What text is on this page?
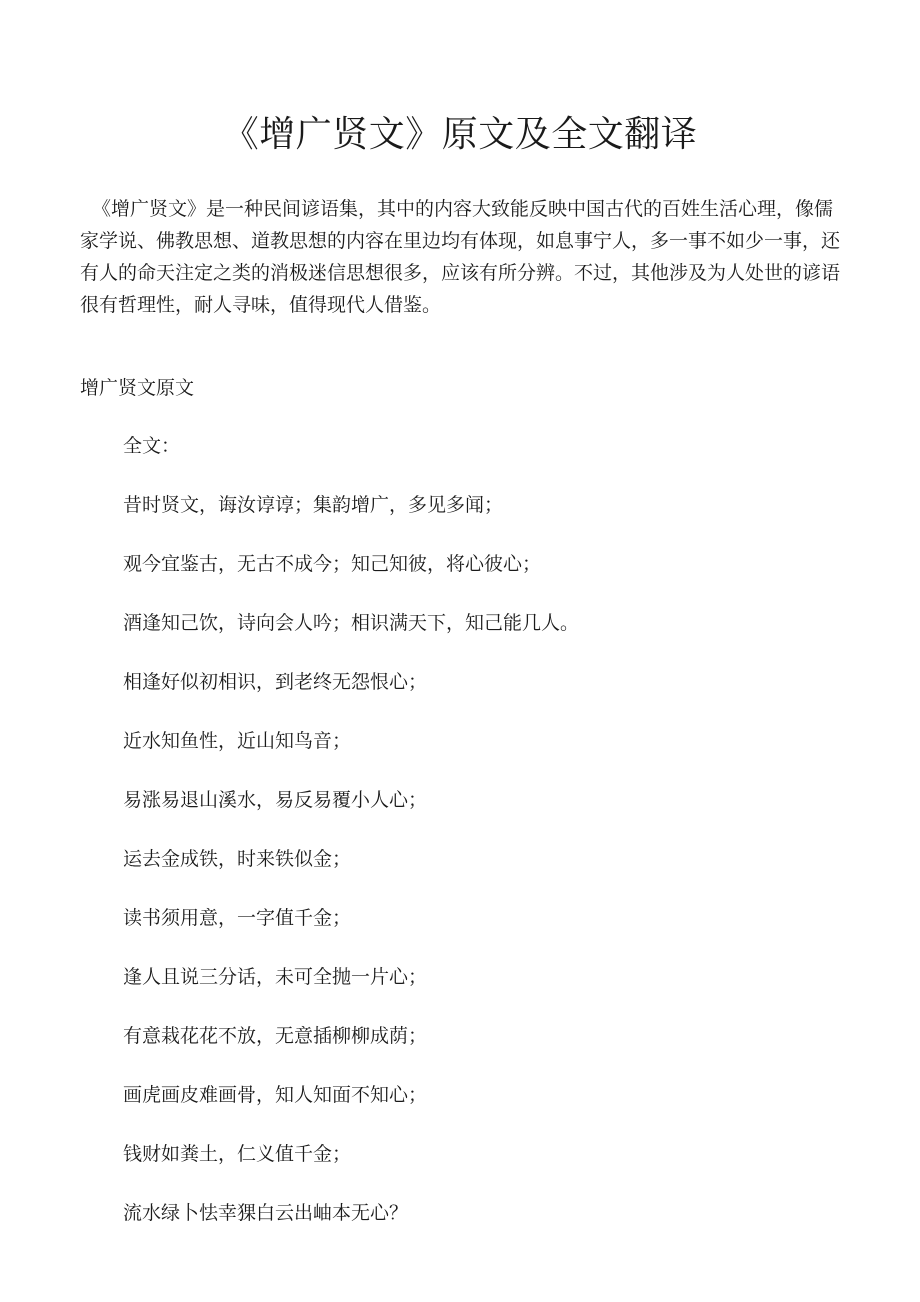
《增广贤文》原文及全文翻译

《增广贤文》是一种民间谚语集，其中的内容大致能反映中国古代的百姓生活心理，像儒家学说、佛教思想、道教思想的内容在里边均有体现，如息事宁人，多一事不如少一事，还有人的命天注定之类的消极迷信思想很多，应该有所分辨。不过，其他涉及为人处世的谚语很有哲理性，耐人寻味，值得现代人借鉴。

增广贤文原文
全文：
昔时贤文，诲汝谆谆；集韵增广，多见多闻；
观今宜鉴古，无古不成今；知己知彼，将心彼心；
酒逢知己饮，诗向会人吟；相识满天下，知己能几人。
相逢好似初相识，到老终无怨恨心；
近水知鱼性，近山知鸟音；
易涨易退山溪水，易反易覆小人心；
运去金成铁，时来铁似金；
读书须用意，一字值千金；
逢人且说三分话，未可全抛一片心；
有意栽花花不放，无意插柳柳成荫；
画虎画皮难画骨，知人知面不知心；
钱财如粪土，仁义值千金；
流水绿卜怯幸猓白云出岫本无心？
